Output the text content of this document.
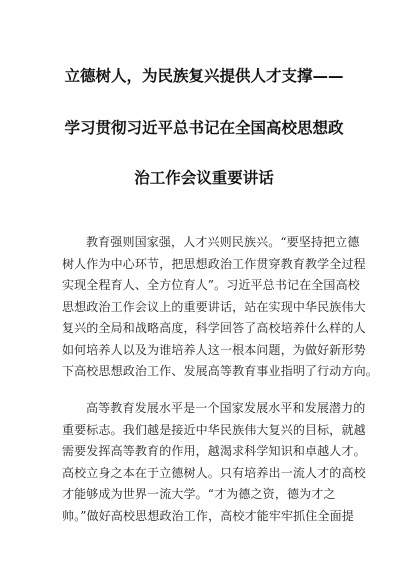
立德树人，为民族复兴提供人才支撑——
学习贯彻习近平总书记在全国高校思想政
治工作会议重要讲话
教育强则国家强，人才兴则民族兴。“要坚持把立德
树人作为中心环节，把思想政治工作贯穿教育教学全过程
实现全程育人、全方位育人”。习近平总书记在全国高校
思想政治工作会议上的重要讲话，站在实现中华民族伟大
复兴的全局和战略高度，科学回答了高校培养什么样的人
如何培养人以及为谁培养人这一根本问题，为做好新形势
下高校思想政治工作、发展高等教育事业指明了行动方向。
高等教育发展水平是一个国家发展水平和发展潜力的
重要标志。我们越是接近中华民族伟大复兴的目标，就越
需要发挥高等教育的作用，越渴求科学知识和卓越人才。
高校立身之本在于立德树人。只有培养出一流人才的高校
才能够成为世界一流大学。“才为德之资，德为才之
帅。”做好高校思想政治工作，高校才能牢牢抓住全面提
